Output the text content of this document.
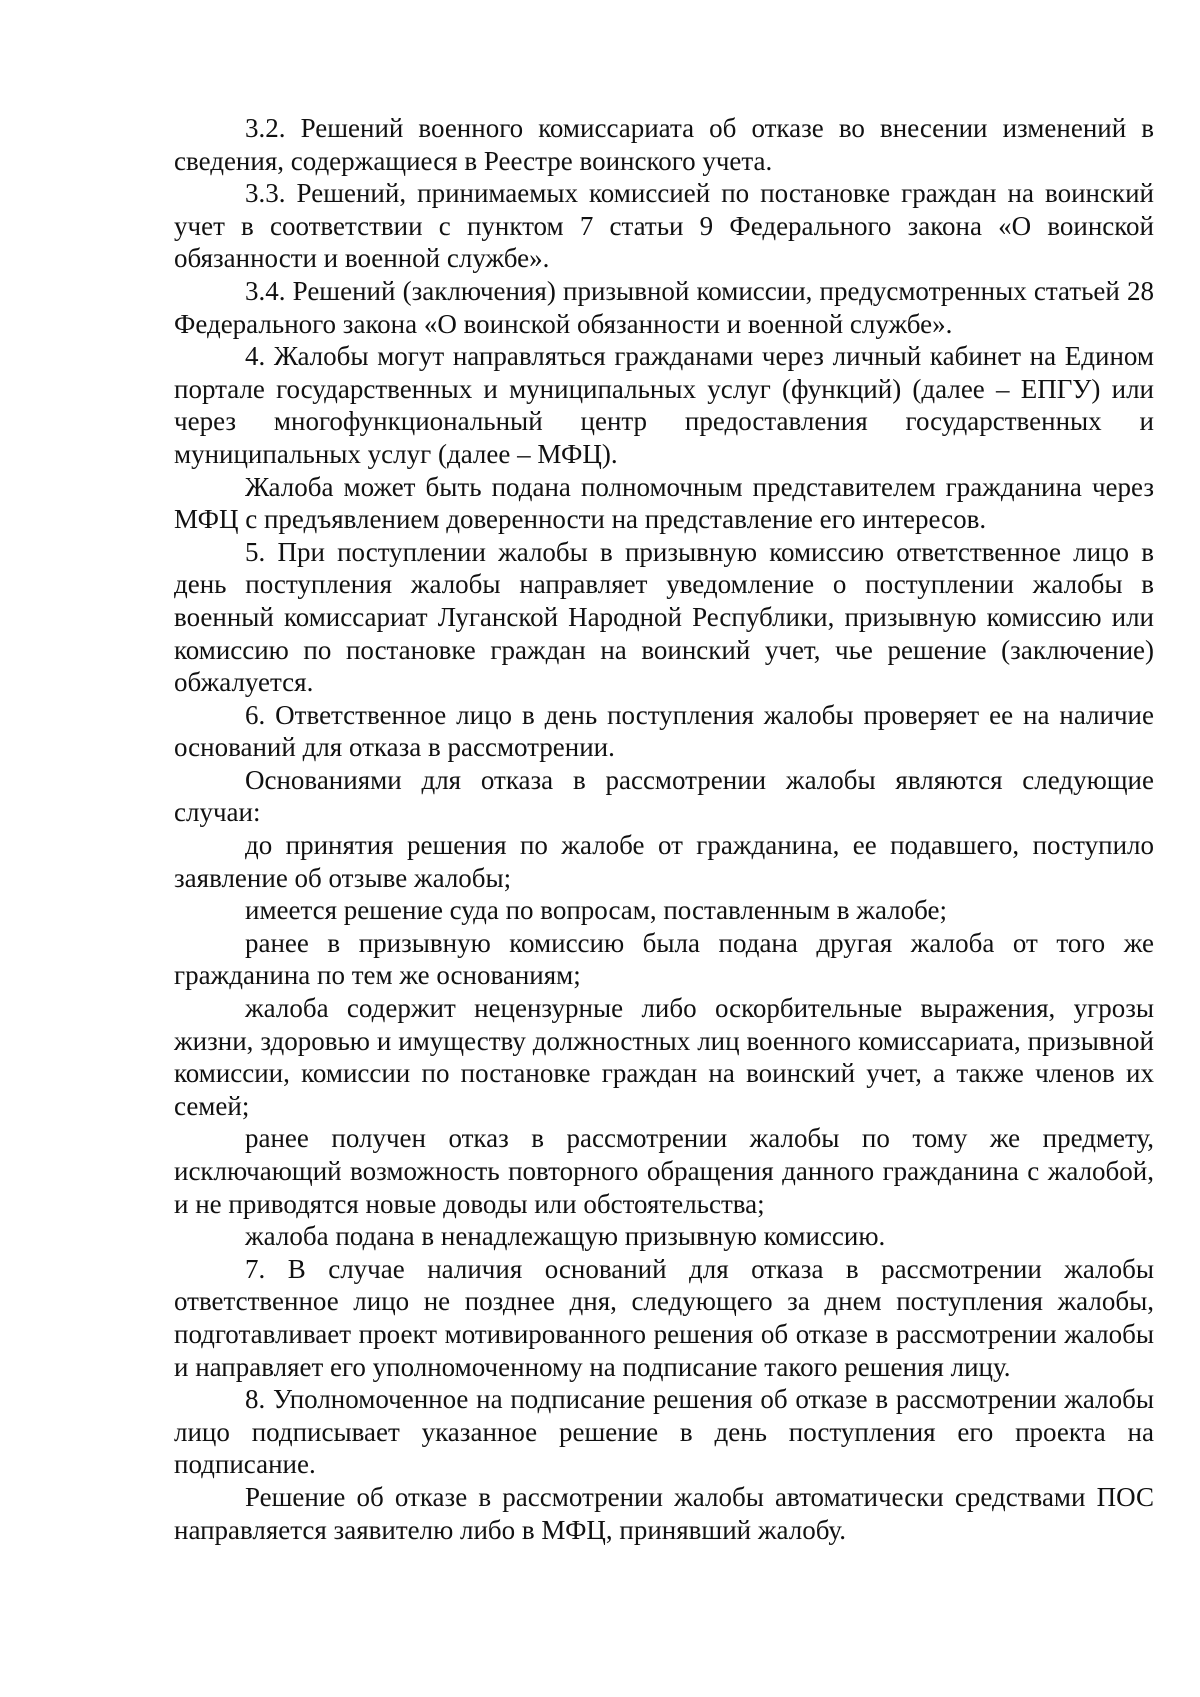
3.2. Решений военного комиссариата об отказе во внесении изменений в сведения, содержащиеся в Реестре воинского учета.

3.3. Решений, принимаемых комиссией по постановке граждан на воинский учет в соответствии с пунктом 7 статьи 9 Федерального закона «О воинской обязанности и военной службе».

3.4. Решений (заключения) призывной комиссии, предусмотренных статьей 28 Федерального закона «О воинской обязанности и военной службе».

4. Жалобы могут направляться гражданами через личный кабинет на Едином портале государственных и муниципальных услуг (функций) (далее – ЕПГУ) или через многофункциональный центр предоставления государственных и муниципальных услуг (далее – МФЦ).

Жалоба может быть подана полномочным представителем гражданина через МФЦ с предъявлением доверенности на представление его интересов.

5. При поступлении жалобы в призывную комиссию ответственное лицо в день поступления жалобы направляет уведомление о поступлении жалобы в военный комиссариат Луганской Народной Республики, призывную комиссию или комиссию по постановке граждан на воинский учет, чье решение (заключение) обжалуется.

6. Ответственное лицо в день поступления жалобы проверяет ее на наличие оснований для отказа в рассмотрении.

Основаниями для отказа в рассмотрении жалобы являются следующие случаи:

до принятия решения по жалобе от гражданина, ее подавшего, поступило заявление об отзыве жалобы;

имеется решение суда по вопросам, поставленным в жалобе;

ранее в призывную комиссию была подана другая жалоба от того же гражданина по тем же основаниям;

жалоба содержит нецензурные либо оскорбительные выражения, угрозы жизни, здоровью и имуществу должностных лиц военного комиссариата, призывной комиссии, комиссии по постановке граждан на воинский учет, а также членов их семей;

ранее получен отказ в рассмотрении жалобы по тому же предмету, исключающий возможность повторного обращения данного гражданина с жалобой, и не приводятся новые доводы или обстоятельства;

жалоба подана в ненадлежащую призывную комиссию.

7. В случае наличия оснований для отказа в рассмотрении жалобы ответственное лицо не позднее дня, следующего за днем поступления жалобы, подготавливает проект мотивированного решения об отказе в рассмотрении жалобы и направляет его уполномоченному на подписание такого решения лицу.

8. Уполномоченное на подписание решения об отказе в рассмотрении жалобы лицо подписывает указанное решение в день поступления его проекта на подписание.

Решение об отказе в рассмотрении жалобы автоматически средствами ПОС направляется заявителю либо в МФЦ, принявший жалобу.
